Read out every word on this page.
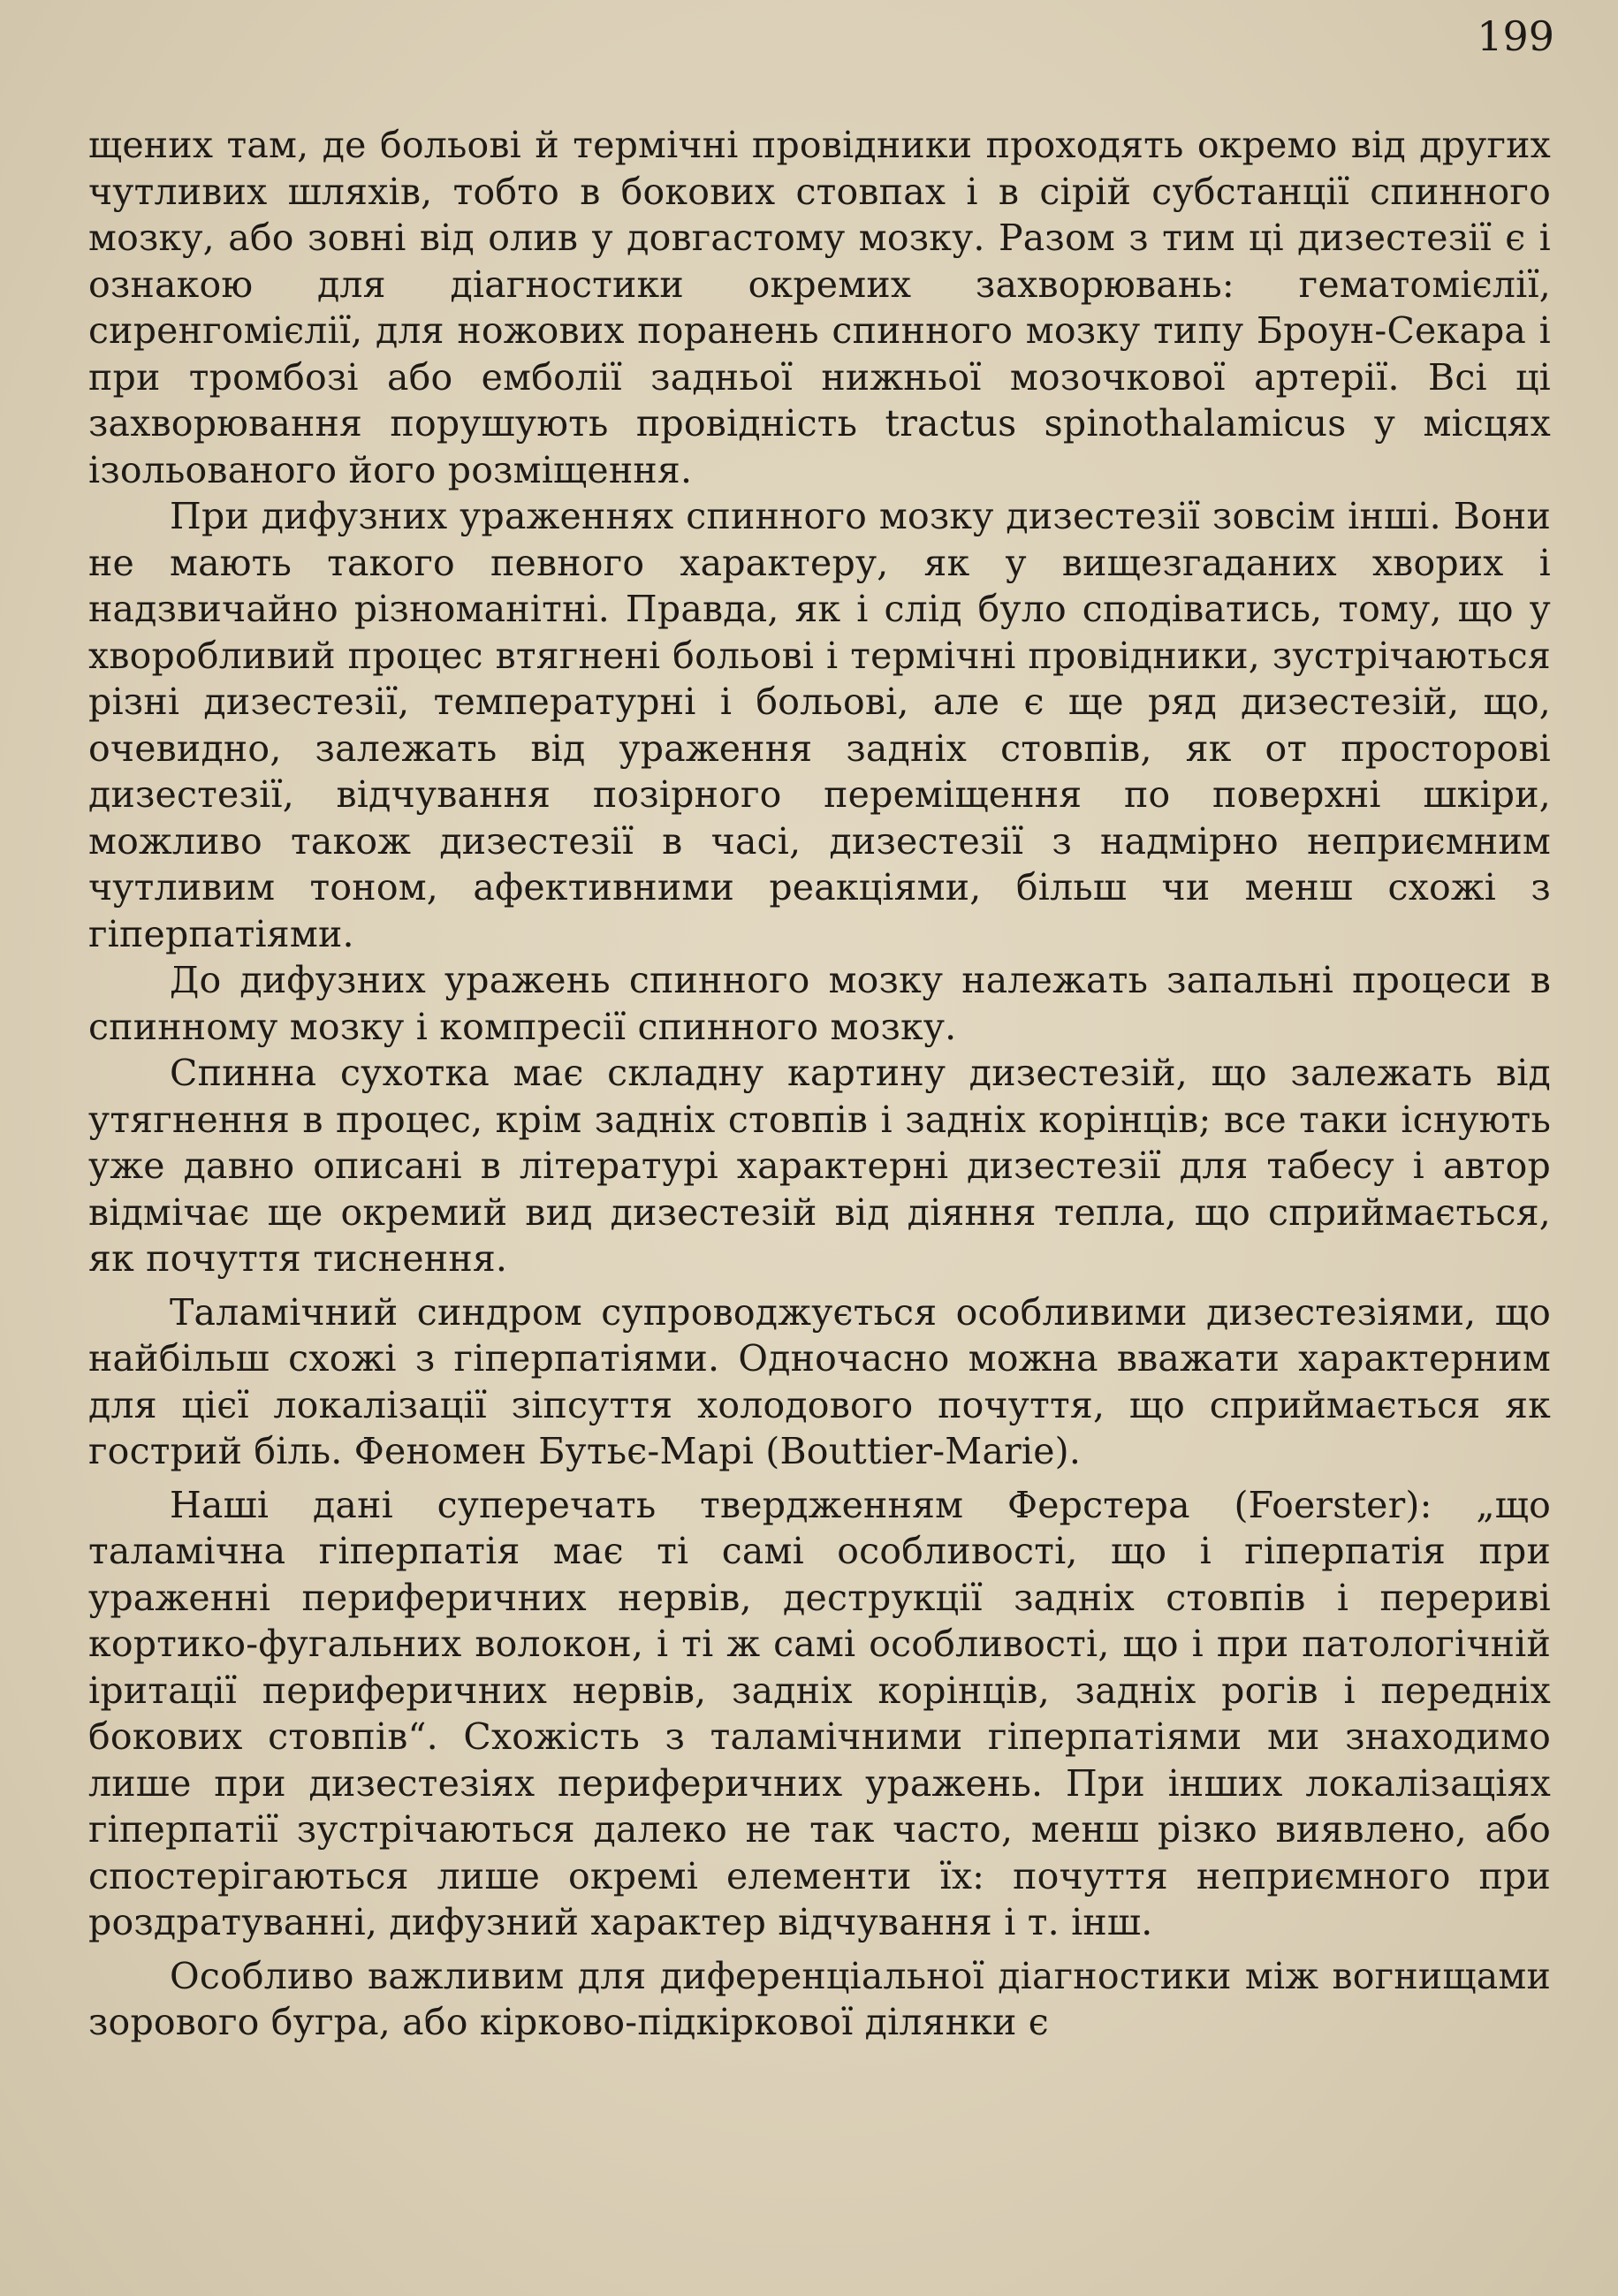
199

щених там, де больові й термічні провідники проходять окремо від других чутливих шляхів, тобто в бокових стовпах і в сірій субстанції спинного мозку, або зовні від олив у довгастому мозку. Разом з тим ці дизестезії є і ознакою для діагностики окремих захворювань: гематомієлії, сиренгомієлії, для ножових поранень спинного мозку типу Броун-Секара і при тромбозі або емболії задньої нижньої мозочкової артерії. Всі ці захворювання порушують провідність tractus spinothalamicus у місцях ізольованого його розміщення.

При дифузних ураженнях спинного мозку дизестезії зовсім інші. Вони не мають такого певного характеру, як у вищезгаданих хворих і надзвичайно різноманітні. Правда, як і слід було сподіватись, тому, що у хворобливий процес втягнені больові і термічні провідники, зустрічаються різні дизестезії, температурні і больові, але є ще ряд дизестезій, що, очевидно, залежать від ураження задніх стовпів, як от просторові дизестезії, відчування позірного переміщення по поверхні шкіри, можливо також дизестезії в часі, дизестезії з надмірно неприємним чутливим тоном, афективними реакціями, більш чи менш схожі з гіперпатіями.

До дифузних уражень спинного мозку належать запальні процеси в спинному мозку і компресії спинного мозку.

Спинна сухотка має складну картину дизестезій, що залежать від утягнення в процес, крім задніх стовпів і задніх корінців; все таки існують уже давно описані в літературі характерні дизестезії для табесу і автор відмічає ще окремий вид дизестезій від діяння тепла, що сприймається, як почуття тиснення.

Таламічний синдром супроводжується особливими дизестезіями, що найбільш схожі з гіперпатіями. Одночасно можна вважати характерним для цієї локалізації зіпсуття холодового почуття, що сприймається як гострий біль. Феномен Бутьє-Марі (Bouttier-Marie).

Наші дані суперечать твердженням Ферстера (Foerster): „що таламічна гіперпатія має ті самі особливості, що і гіперпатія при ураженні периферичних нервів, деструкції задніх стовпів і перериві кортико-фугальних волокон, і ті ж самі особливості, що і при патологічній іритації периферичних нервів, задніх корінців, задніх рогів і передніх бокових стовпів“. Схожість з таламічними гіперпатіями ми знаходимо лише при дизестезіях периферичних уражень. При інших локалізаціях гіперпатії зустрічаються далеко не так часто, менш різко виявлено, або спостерігаються лише окремі елементи їх: почуття неприємного при роздратуванні, дифузний характер відчування і т. інш.

Особливо важливим для диференціальної діагностики між вогнищами зорового бугра, або кірково-підкіркової ділянки є
